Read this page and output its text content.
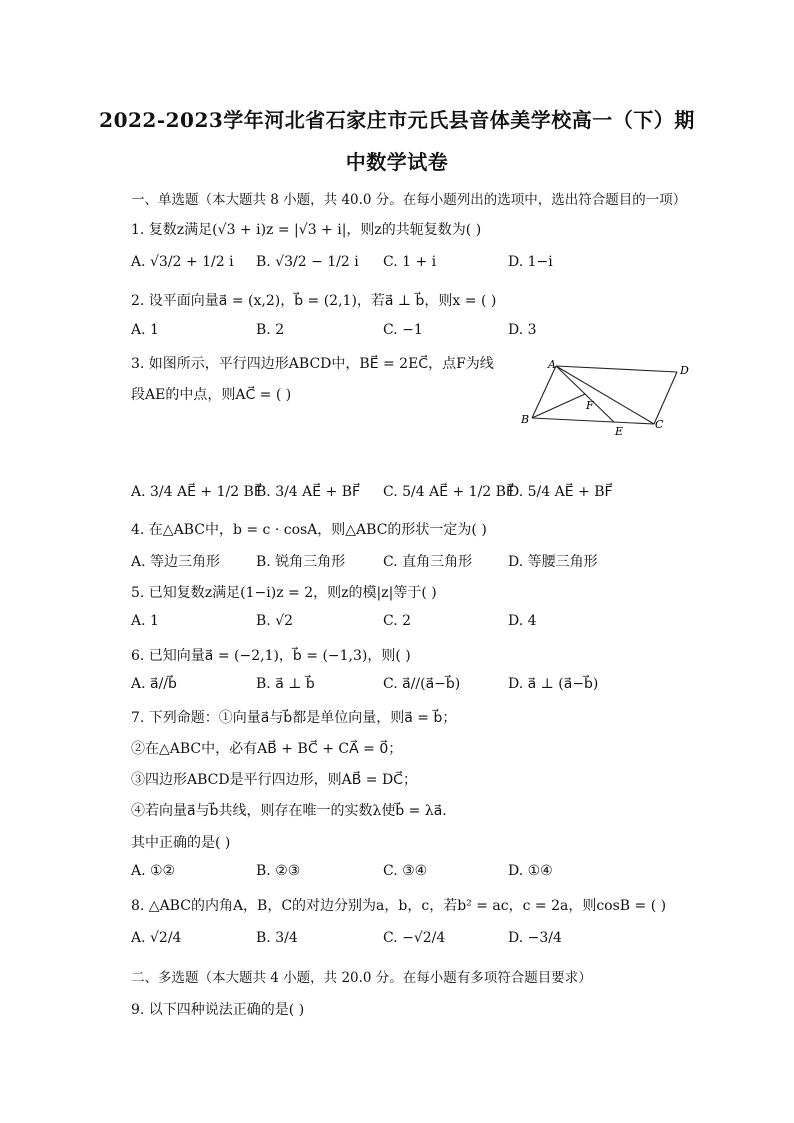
2022-2023学年河北省石家庄市元氏县音体美学校高一（下）期
中数学试卷
一、单选题（本大题共 8 小题，共 40.0 分。在每小题列出的选项中，选出符合题目的一项）
1. 复数z满足(√3 + i)z = |√3 + i|，则z的共轭复数为( )
A. √3/2 + 1/2 i B. √3/2 − 1/2 i C. 1 + i	D. 1−i
2. 设平面向量a⃗ = (x,2)，b⃗ = (2,1)，若a⃗ ⊥ b⃗，则x = ( )
A. 1	B. 2	C. −1	D. 3
3. 如图所示，平行四边形ABCD中，BE⃗ = 2EC⃗，点F为线
段AE的中点，则AC⃗ = ( )
A
B	C
D
E
F
A. 3/4 AE⃗ + 1/2 BF⃗
B. 3/4 AE⃗ + BF⃗ C. 5/4 AE⃗ + 1/2 BF⃗
D. 5/4 AE⃗ + BF⃗
4. 在△ABC中，b = c · cosA，则△ABC的形状一定为( )
A. 等边三角形	B. 锐角三角形	C. 直角三角形	D. 等腰三角形
5. 已知复数z满足(1−i)z = 2，则z的模|z|等于( )
A. 1	B. √2	C. 2	D. 4
6. 已知向量a⃗ = (−2,1)，b⃗ = (−1,3)，则( )
A. a⃗//b⃗	B. a⃗ ⊥ b⃗	C. a⃗//(a⃗−b⃗)	D. a⃗ ⊥ (a⃗−b⃗)
7. 下列命题：①向量a⃗与b⃗都是单位向量，则a⃗ = b⃗；
②在△ABC中，必有AB⃗ + BC⃗ + CA⃗ = 0⃗；
③四边形ABCD是平行四边形，则AB⃗ = DC⃗；
④若向量a⃗与b⃗共线，则存在唯一的实数λ使b⃗ = λa⃗.
其中正确的是( )
A. ①②	B. ②③	C. ③④	D. ①④
8. △ABC的内角A，B，C的对边分别为a，b，c，若b² = ac，c = 2a，则cosB = ( )
A. √2/4	B. 3/4	C. −√2/4	D. −3/4
二、多选题（本大题共 4 小题，共 20.0 分。在每小题有多项符合题目要求）
9. 以下四种说法正确的是( )
